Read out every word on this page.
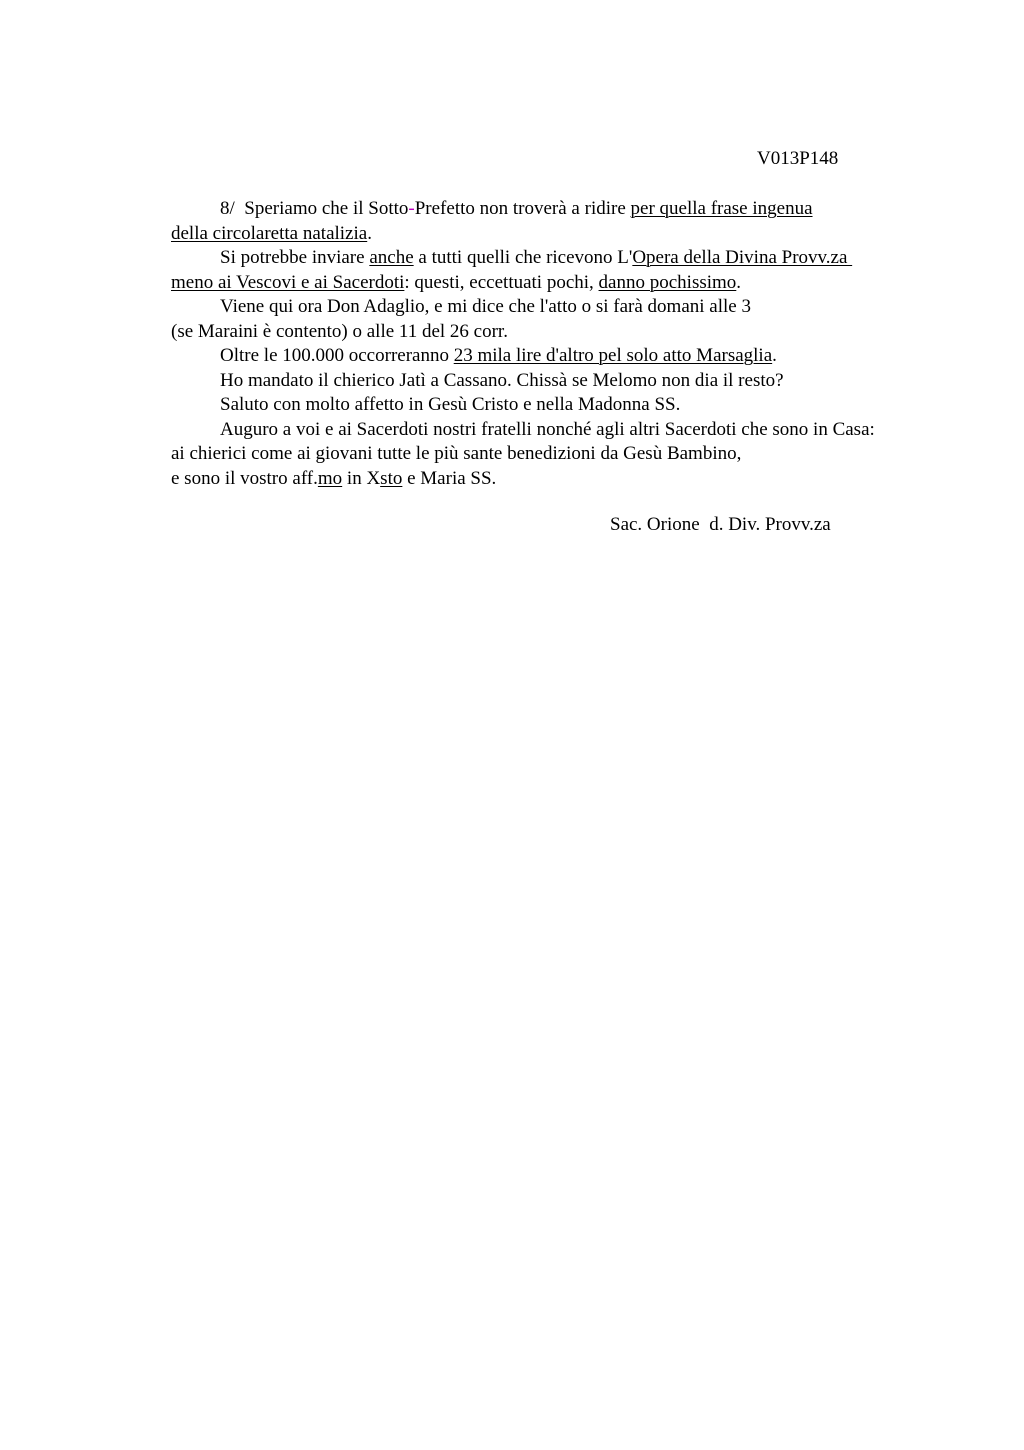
V013P148
8/  Speriamo che il Sotto-Prefetto non troverà a ridire per quella frase ingenua
della circolaretta natalizia.
Si potrebbe inviare anche a tutti quelli che ricevono L'Opera della Divina Provv.za
meno ai Vescovi e ai Sacerdoti: questi, eccettuati pochi, danno pochissimo.
Viene qui ora Don Adaglio, e mi dice che l'atto o si farà domani alle 3
(se Maraini è contento) o alle 11 del 26 corr.
Oltre le 100.000 occorreranno 23 mila lire d'altro pel solo atto Marsaglia.
Ho mandato il chierico Jatì a Cassano. Chissà se Melomo non dia il resto?
Saluto con molto affetto in Gesù Cristo e nella Madonna SS.
Auguro a voi e ai Sacerdoti nostri fratelli nonché agli altri Sacerdoti che sono in Casa:
ai chierici come ai giovani tutte le più sante benedizioni da Gesù Bambino,
e sono il vostro aff.mo in Xsto e Maria SS.
Sac. Orione  d. Div. Provv.za
